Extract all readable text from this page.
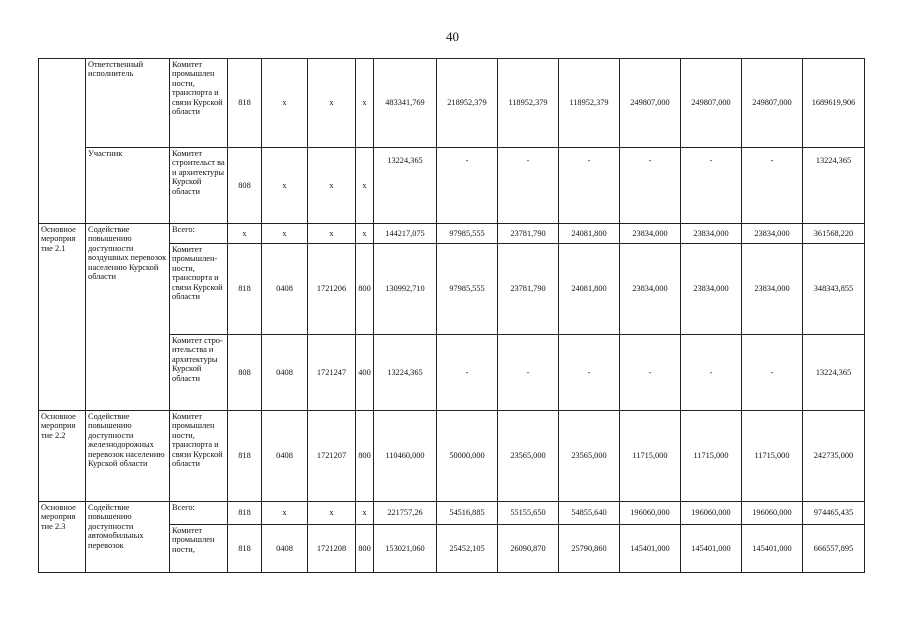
40
	Ответственный исполнитель	Комитет промышлен ности, транспорта и связи Курской области	818	x	x	x	483341,769	218952,379	118952,379	118952,379	249807,000	249807,000	249807,000	1689619,906
	Участник	Комитет строительст ва и архитектуры Курской области	808	x	x	x	13224,365	-	-	-	-	-	-	13224,365
Основное мероприя тие 2.1	Содействие повышению доступности воздушных перевозок населению Курской области	Всего:	x	x	x	x	144217,075	97985,555	23781,790	24081,800	23834,000	23834,000	23834,000	361568,220
		Комитет промышлен- ности, транспорта и связи Курской области	818	0408	1721206	800	130992,710	97985,555	23781,790	24081,800	23834,000	23834,000	23834,000	348343,855
		Комитет стро- ительства и архитектуры Курской области	808	0408	1721247	400	13224,365	-	-	-	-	-	-	13224,365
Основное мероприя тие 2.2	Содействие повышению доступности железнодорожных перевозок населению Курской области	Комитет промышлен ности, транспорта и связи Курской области	818	0408	1721207	800	110460,000	50000,000	23565,000	23565,000	11715,000	11715,000	11715,000	242735,000
Основное мероприя тие 2.3	Содействие повышению доступности автомобильных перевозок	Всего:	818	x	x	x	221757,26	54516,885	55155,650	54855,640	196060,000	196060,000	196060,000	974465,435
		Комитет промышлен ности,	818	0408	1721208	800	153021,060	25452,105	26090,870	25790,860	145401,000	145401,000	145401,000	666557,895
